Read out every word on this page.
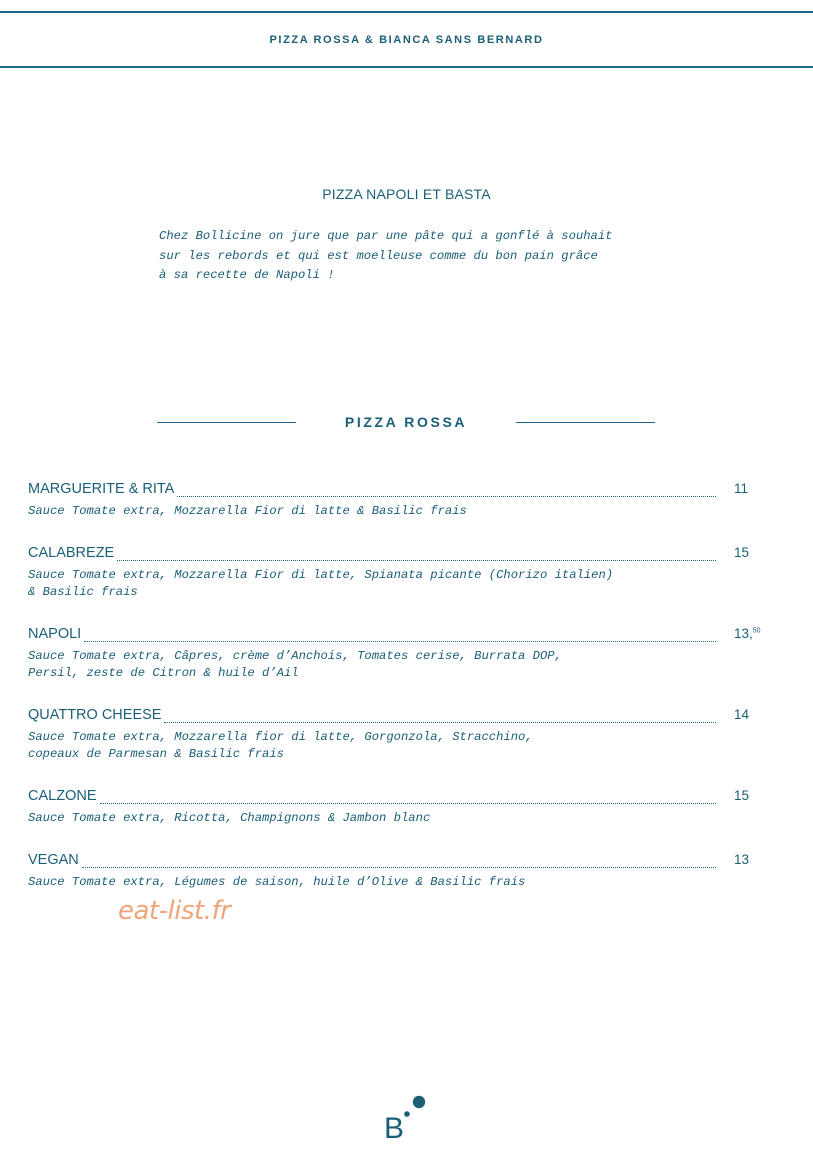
PIZZA ROSSA & BIANCA SANS BERNARD
PIZZA NAPOLI ET BASTA
Chez Bollicine on jure que par une pâte qui a gonflé à souhait
sur les rebords et qui est moelleuse comme du bon pain grâce
à sa recette de Napoli !
PIZZA ROSSA
MARGUERITE & RITA	11
Sauce Tomate extra, Mozzarella Fior di latte & Basilic frais
CALABREZE	15
Sauce Tomate extra, Mozzarella Fior di latte, Spianata picante (Chorizo italien)
& Basilic frais
NAPOLI	13,50
Sauce Tomate extra, Câpres, crème d’Anchois, Tomates cerise, Burrata DOP,
Persil, zeste de Citron & huile d’Ail
QUATTRO CHEESE	14
Sauce Tomate extra, Mozzarella fior di latte, Gorgonzola, Stracchino,
copeaux de Parmesan & Basilic frais
CALZONE	15
Sauce Tomate extra, Ricotta, Champignons & Jambon blanc
VEGAN	13
Sauce Tomate extra, Légumes de saison, huile d’Olive & Basilic frais
eat-list.fr
B
